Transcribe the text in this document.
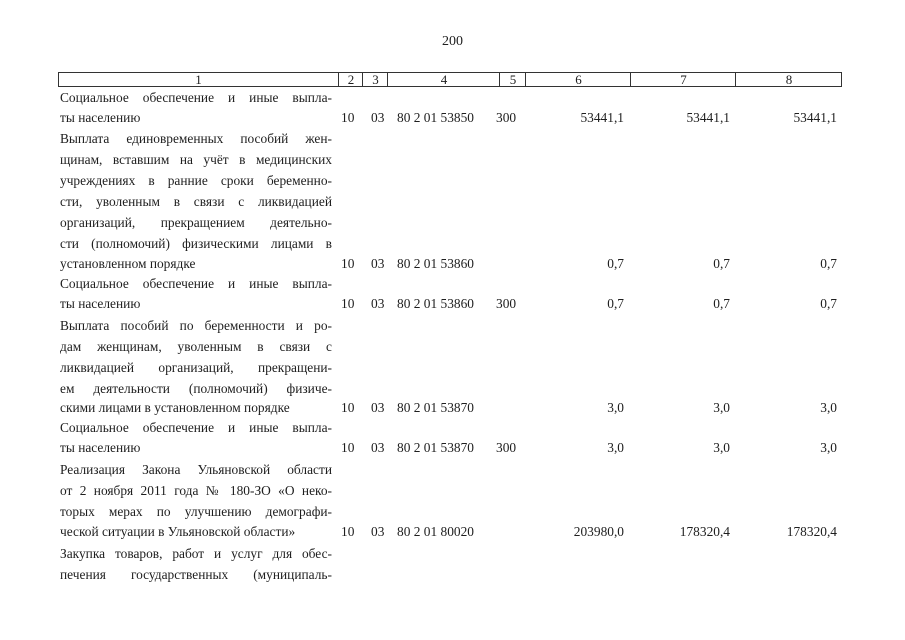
200
1	2	3	4	5	6	7	8
Социальное обеспечение и иные выпла-
ты населению	10 03 80 2 01 53850 300	53441,1	53441,1	53441,1
Выплата единовременных пособий жен-
щинам, вставшим на учёт в медицинских
учреждениях в ранние сроки беременно-
сти, уволенным в связи с ликвидацией
организаций, прекращением деятельно-
сти (полномочий) физическими лицами в
установленном порядке	10 03 80 2 01 53860	0,7	0,7	0,7
Социальное обеспечение и иные выпла-
ты населению	10 03 80 2 01 53860 300	0,7	0,7	0,7
Выплата пособий по беременности и ро-
дам женщинам, уволенным в связи с
ликвидацией организаций, прекращени-
ем деятельности (полномочий) физиче-
скими лицами в установленном порядке	10 03 80 2 01 53870	3,0	3,0	3,0
Социальное обеспечение и иные выпла-
ты населению	10 03 80 2 01 53870 300	3,0	3,0	3,0
Реализация Закона Ульяновской области
от 2 ноября 2011 года № 180-ЗО «О неко-
торых мерах по улучшению демографи-
ческой ситуации в Ульяновской области»	10 03 80 2 01 80020	203980,0	178320,4	178320,4
Закупка товаров, работ и услуг для обес-
печения государственных (муниципаль-
